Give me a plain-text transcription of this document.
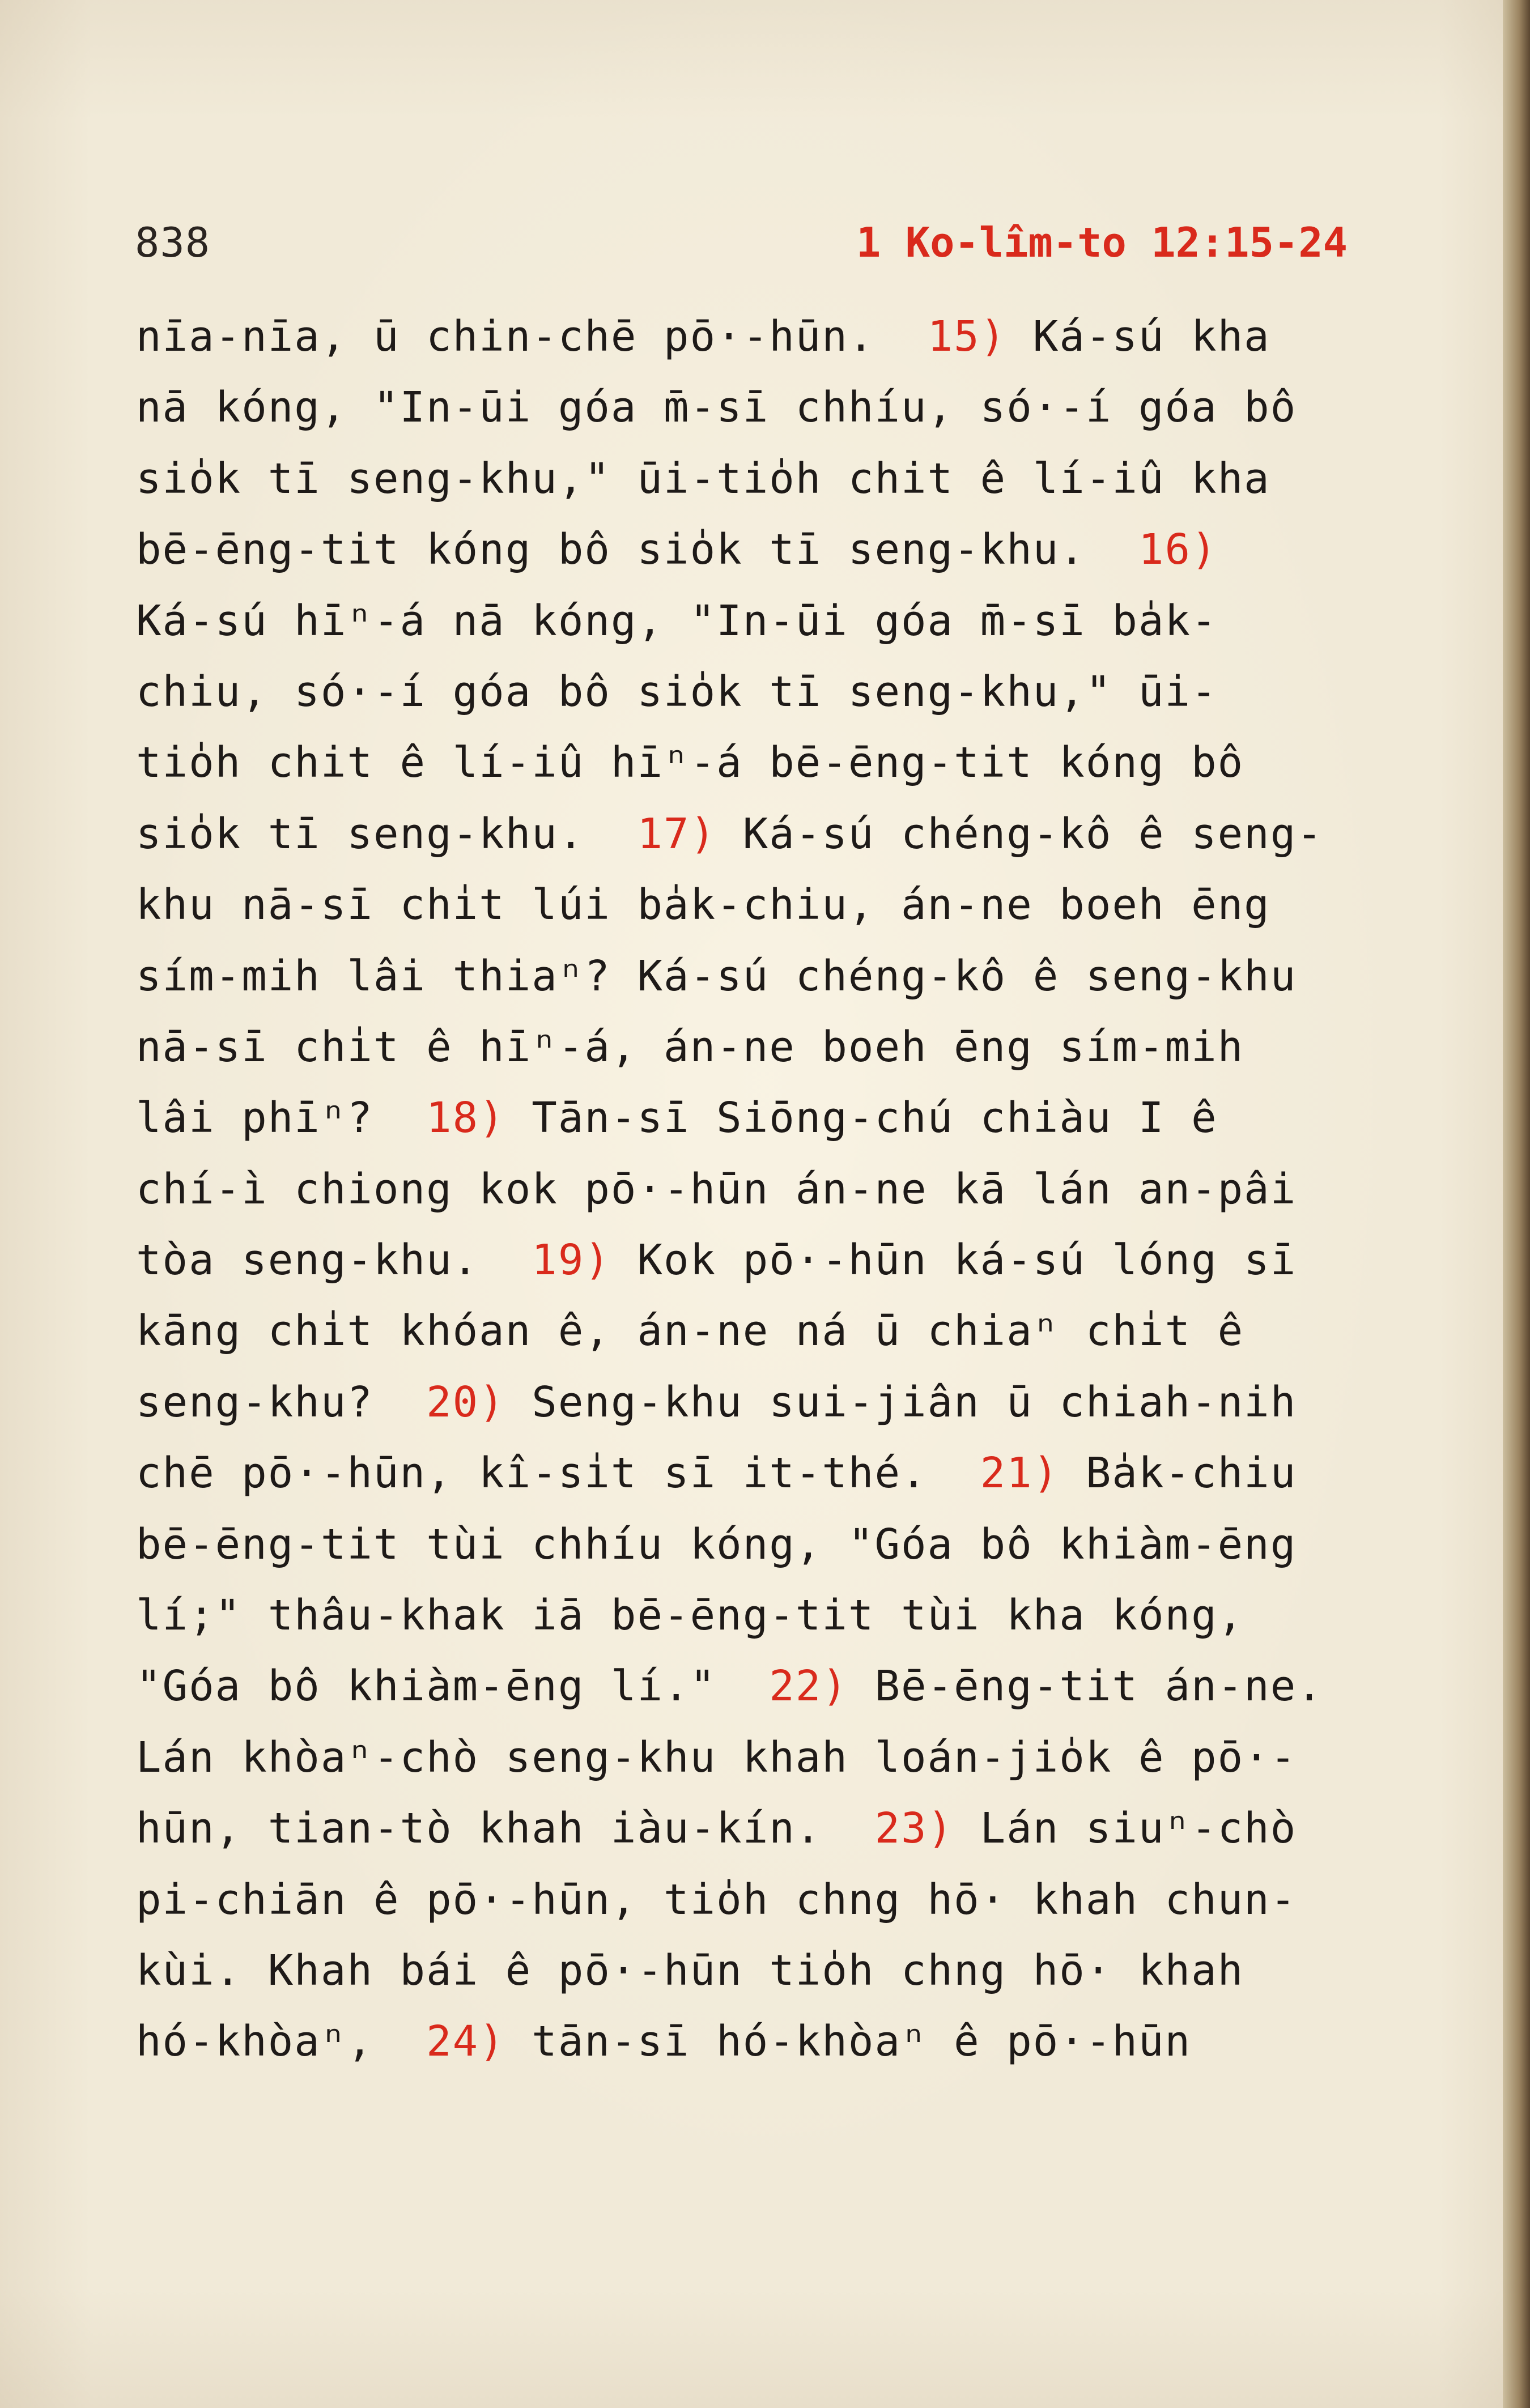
838	1 Ko-lîm-to 12:15-24
nīa-nīa, ū chin-chē pō·-hūn.  15) Ká-sú kha
nā kóng, "In-ūi góa m̄-sī chhíu, só·-í góa bô
sio̍k tī seng-khu," ūi-tio̍h chit ê lí-iû kha
bē-ēng-tit kóng bô sio̍k tī seng-khu.  16)
Ká-sú hīⁿ-á nā kóng, "In-ūi góa m̄-sī ba̍k-
chiu, só·-í góa bô sio̍k tī seng-khu," ūi-
tio̍h chit ê lí-iû hīⁿ-á bē-ēng-tit kóng bô
sio̍k tī seng-khu.  17) Ká-sú chéng-kô ê seng-
khu nā-sī chi̍t lúi ba̍k-chiu, án-ne boeh ēng
sím-mih lâi thiaⁿ? Ká-sú chéng-kô ê seng-khu
nā-sī chi̍t ê hīⁿ-á, án-ne boeh ēng sím-mih
lâi phīⁿ?  18) Tān-sī Siōng-chú chiàu I ê
chí-ì chiong kok pō·-hūn án-ne kā lán an-pâi
tòa seng-khu.  19) Kok pō·-hūn ká-sú lóng sī
kāng chi̍t khóan ê, án-ne ná ū chiaⁿ chi̍t ê
seng-khu?  20) Seng-khu sui-jiân ū chiah-nih
chē pō·-hūn, kî-si̍t sī it-thé.  21) Ba̍k-chiu
bē-ēng-tit tùi chhíu kóng, "Góa bô khiàm-ēng
lí;" thâu-khak iā bē-ēng-tit tùi kha kóng,
"Góa bô khiàm-ēng lí."  22) Bē-ēng-tit án-ne.
Lán khòaⁿ-chò seng-khu khah loán-jio̍k ê pō·-
hūn, tian-tò khah iàu-kín.  23) Lán siuⁿ-chò
pi-chiān ê pō·-hūn, tio̍h chng hō· khah chun-
kùi. Khah bái ê pō·-hūn tio̍h chng hō· khah
hó-khòaⁿ,  24) tān-sī hó-khòaⁿ ê pō·-hūn
